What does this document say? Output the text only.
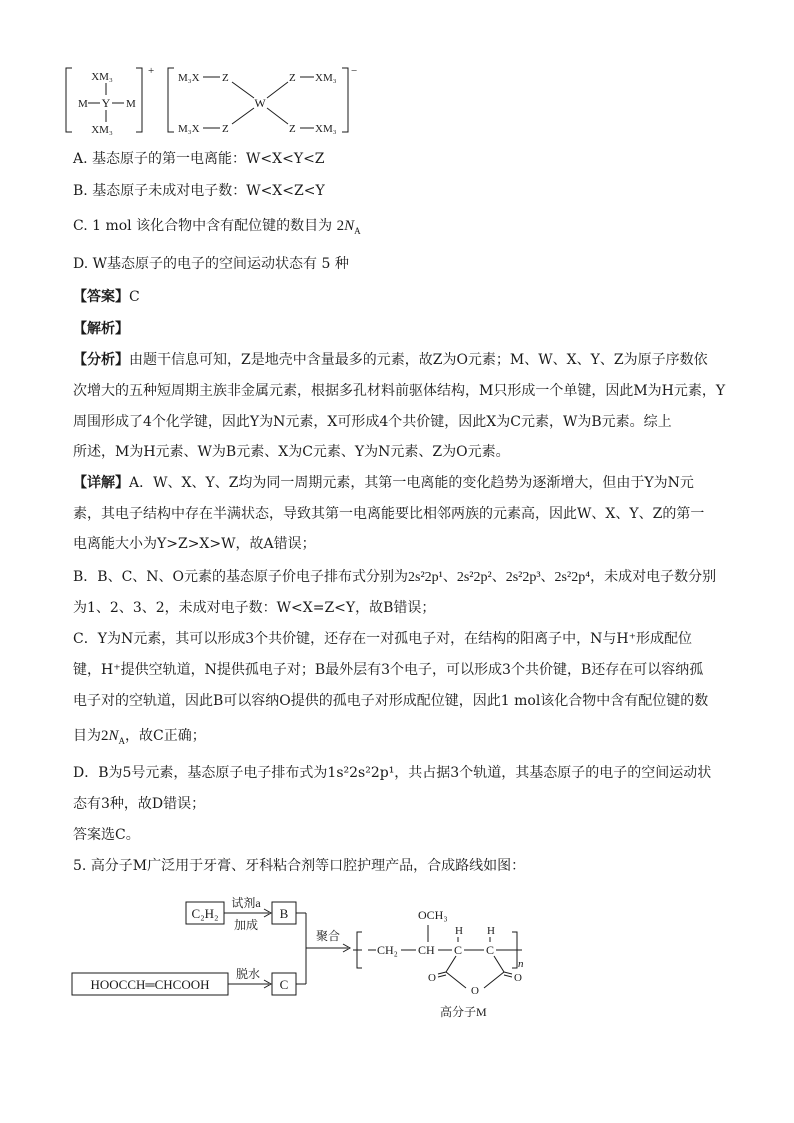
+
XM₃
Y
XM₃
M	M
−
M₃X Z
M₃X Z
W
Z XM₃
Z XM₃
A. 基态原子的第一电离能：W<X<Y<Z
B. 基态原子未成对电子数：W<X<Z<Y
C. 1 mol 该化合物中含有配位键的数目为 $2N_A$
D. W基态原子的电子的空间运动状态有 5 种
【答案】C
【解析】
【分析】由题干信息可知，Z是地壳中含量最多的元素，故Z为O元素；M、W、X、Y、Z为原子序数依
次增大的五种短周期主族非金属元素，根据多孔材料前驱体结构，M只形成一个单键，因此M为H元素，Y
周围形成了4个化学键，因此Y为N元素，X可形成4个共价键，因此X为C元素，W为B元素。综上
所述，M为H元素、W为B元素、X为C元素、Y为N元素、Z为O元素。
【详解】A．W、X、Y、Z均为同一周期元素，其第一电离能的变化趋势为逐渐增大，但由于Y为N元
素，其电子结构中存在半满状态，导致其第一电离能要比相邻两族的元素高，因此W、X、Y、Z的第一
电离能大小为Y>Z>X>W，故A错误；
B．B、C、N、O元素的基态原子价电子排布式分别为2s²2p¹、2s²2p²、2s²2p³、2s²2p⁴，未成对电子数分别
为1、2、3、2，未成对电子数：W<X=Z<Y，故B错误；
C．Y为N元素，其可以形成3个共价键，还存在一对孤电子对，在结构的阳离子中，N与H⁺形成配位
键，H⁺提供空轨道，N提供孤电子对；B最外层有3个电子，可以形成3个共价键，B还存在可以容纳孤
电子对的空轨道，因此B可以容纳O提供的孤电子对形成配位键，因此1 mol该化合物中含有配位键的数
目为$2N_A$，故C正确；
D．B为5号元素，基态原子电子排布式为1s²2s²2p¹，共占据3个轨道，其基态原子的电子的空间运动状
态有3种，故D错误；
答案选C。
5. 高分子M广泛用于牙膏、牙科粘合剂等口腔护理产品，合成路线如图：
C₂H₂
试剂a
加成
B
HOOCCH═CHCOOH
脱水
C
聚合
CH₂ CH
OCH₃
C
H
C
H
O
O	O
n
高分子M
